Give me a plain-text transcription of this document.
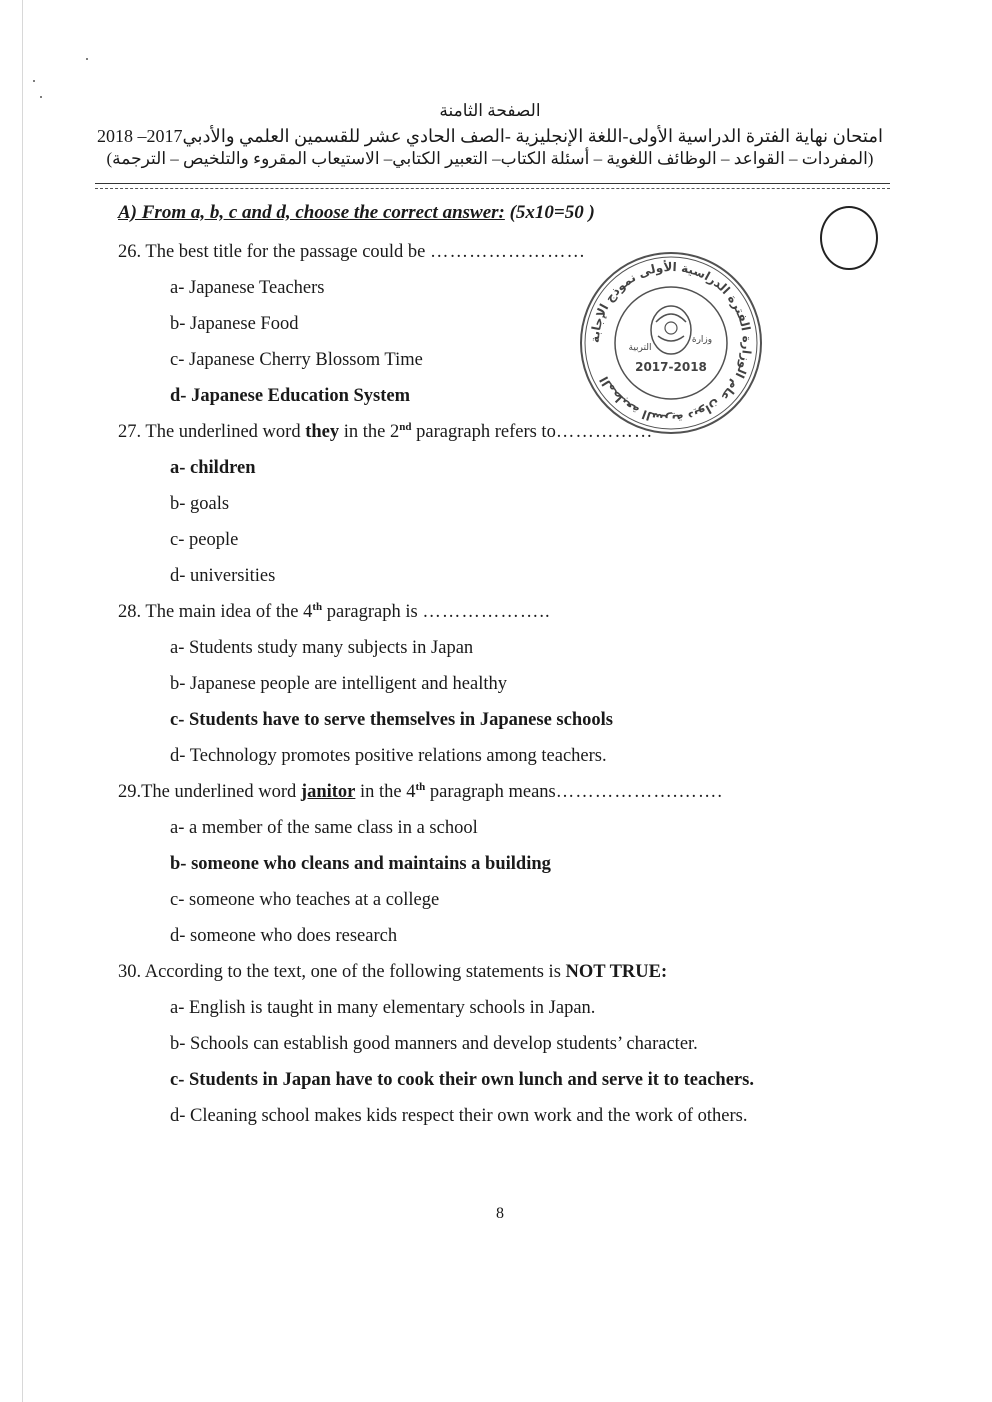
الصفحة الثامنة
امتحان نهاية الفترة الدراسية الأولى-اللغة الإنجليزية -الصف الحادي عشر للقسمين العلمي والأدبي2017– 2018
(المفردات – القواعد – الوظائف اللغوية – أسئلة الكتاب– التعبير الكتابي– الاستيعاب المقروء والتلخيص – الترجمة)
المطبعة السرية ديوان عام الوزارة الفترة الدراسية الأولى نموذج الإجابة
التربية
وزارة
2017-2018
A) From a, b, c and d, choose the correct answer: (5x10=50 )
26. The best title for the passage could be ……………………
a- Japanese Teachers
b- Japanese Food
c- Japanese Cherry Blossom Time
d- Japanese Education System
27. The underlined word they in the 2nd paragraph refers to……………
a- children
b- goals
c- people
d- universities
28. The main idea of the 4th paragraph is ………………..
a- Students study many subjects in Japan
b- Japanese people are intelligent and healthy
c- Students have to serve themselves in Japanese schools
d- Technology promotes positive relations among teachers.
29.The underlined word janitor in the 4th paragraph means……………….…….
a- a member of the same class in a school
b- someone who cleans and maintains a building
c- someone who teaches at a college
d- someone who does research
30. According to the text, one of the following statements is NOT TRUE:
a- English is taught in many elementary schools in Japan.
b- Schools can establish good manners and develop students’ character.
c- Students in Japan have to cook their own lunch and serve it to teachers.
d- Cleaning school makes kids respect their own work and the work of others.
8
